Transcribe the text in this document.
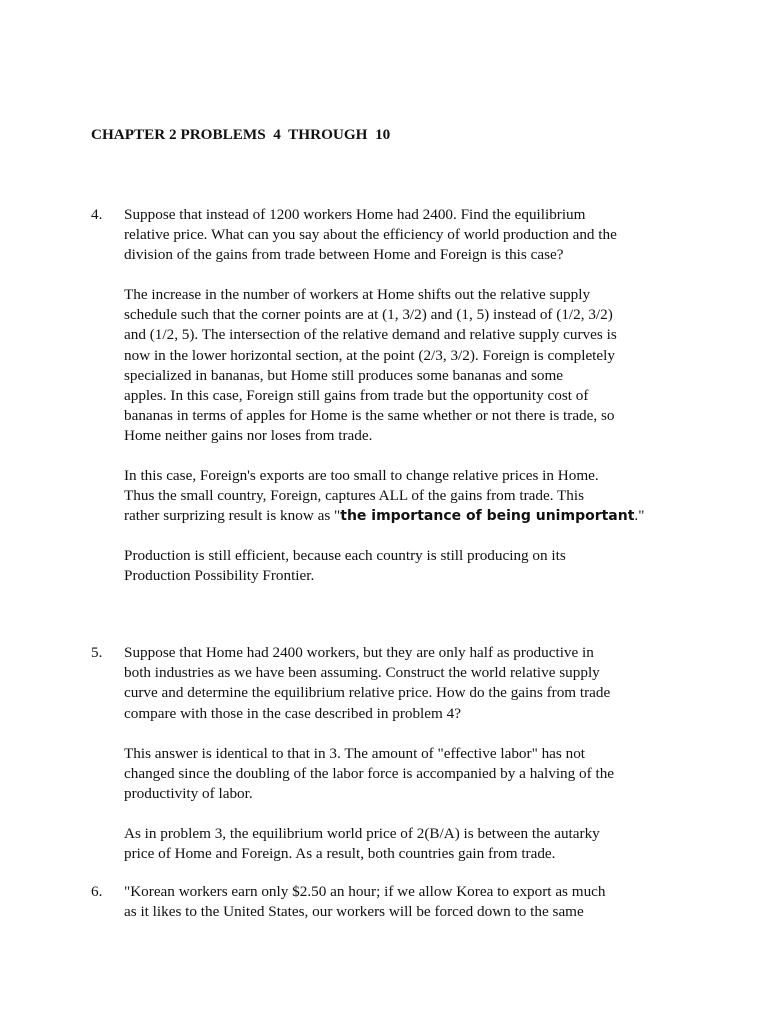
CHAPTER 2 PROBLEMS  4  THROUGH  10
4.	Suppose that instead of 1200 workers Home had 2400. Find the equilibrium
relative price. What can you say about the efficiency of world production and the
division of the gains from trade between Home and Foreign is this case?
The increase in the number of workers at Home shifts out the relative supply
schedule such that the corner points are at (1, 3/2) and (1, 5) instead of (1/2, 3/2)
and (1/2, 5). The intersection of the relative demand and relative supply curves is
now in the lower horizontal section, at the point (2/3, 3/2). Foreign is completely
specialized in bananas, but Home still produces some bananas and some
apples. In this case, Foreign still gains from trade but the opportunity cost of
bananas in terms of apples for Home is the same whether or not there is trade, so
Home neither gains nor loses from trade.
In this case, Foreign's exports are too small to change relative prices in Home.
Thus the small country, Foreign, captures ALL of the gains from trade. This
rather surprizing result is know as "the importance of being unimportant."
Production is still efficient, because each country is still producing on its
Production Possibility Frontier.
5.	Suppose that Home had 2400 workers, but they are only half as productive in
both industries as we have been assuming. Construct the world relative supply
curve and determine the equilibrium relative price. How do the gains from trade
compare with those in the case described in problem 4?
This answer is identical to that in 3. The amount of "effective labor" has not
changed since the doubling of the labor force is accompanied by a halving of the
productivity of labor.
As in problem 3, the equilibrium world price of 2(B/A) is between the autarky
price of Home and Foreign. As a result, both countries gain from trade.
6.	"Korean workers earn only $2.50 an hour; if we allow Korea to export as much
as it likes to the United States, our workers will be forced down to the same
